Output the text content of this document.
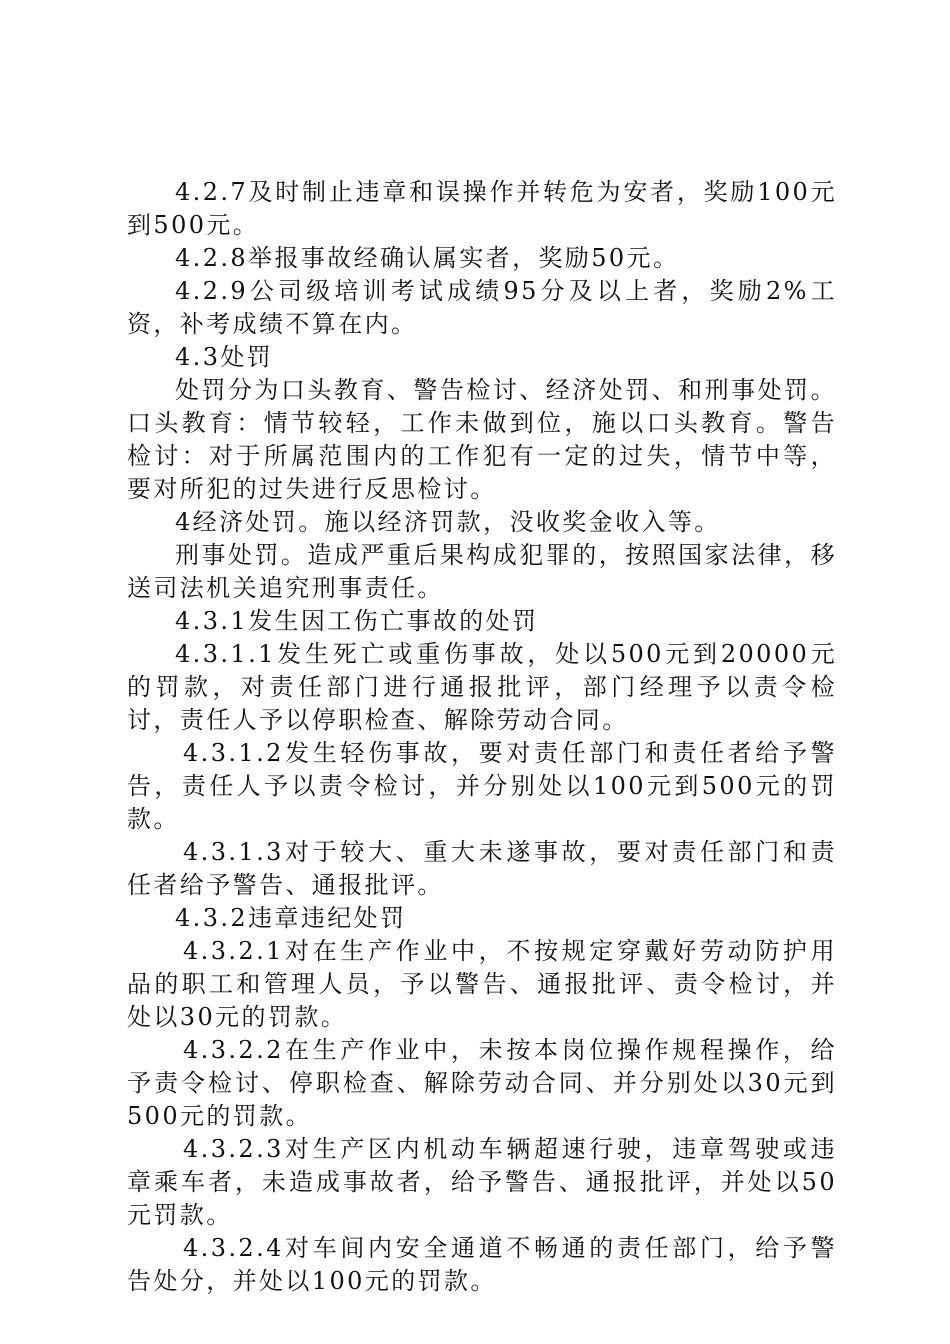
4.2.7及时制止违章和误操作并转危为安者，奖励100元到500元。

4.2.8举报事故经确认属实者，奖励50元。

4.2.9公司级培训考试成绩95分及以上者，奖励2%工资，补考成绩不算在内。

4.3处罚

处罚分为口头教育、警告检讨、经济处罚、和刑事处罚。口头教育：情节较轻，工作未做到位，施以口头教育。警告检讨：对于所属范围内的工作犯有一定的过失，情节中等，要对所犯的过失进行反思检讨。

4经济处罚。施以经济罚款，没收奖金收入等。

刑事处罚。造成严重后果构成犯罪的，按照国家法律，移送司法机关追究刑事责任。

4.3.1发生因工伤亡事故的处罚

4.3.1.1发生死亡或重伤事故，处以500元到20000元的罚款，对责任部门进行通报批评，部门经理予以责令检讨，责任人予以停职检查、解除劳动合同。

4.3.1.2发生轻伤事故，要对责任部门和责任者给予警告，责任人予以责令检讨，并分别处以100元到500元的罚款。

4.3.1.3对于较大、重大未遂事故，要对责任部门和责任者给予警告、通报批评。

4.3.2违章违纪处罚

4.3.2.1对在生产作业中，不按规定穿戴好劳动防护用品的职工和管理人员，予以警告、通报批评、责令检讨，并处以30元的罚款。

4.3.2.2在生产作业中，未按本岗位操作规程操作，给予责令检讨、停职检查、解除劳动合同、并分别处以30元到500元的罚款。

4.3.2.3对生产区内机动车辆超速行驶，违章驾驶或违章乘车者，未造成事故者，给予警告、通报批评，并处以50元罚款。

4.3.2.4对车间内安全通道不畅通的责任部门，给予警告处分，并处以100元的罚款。
